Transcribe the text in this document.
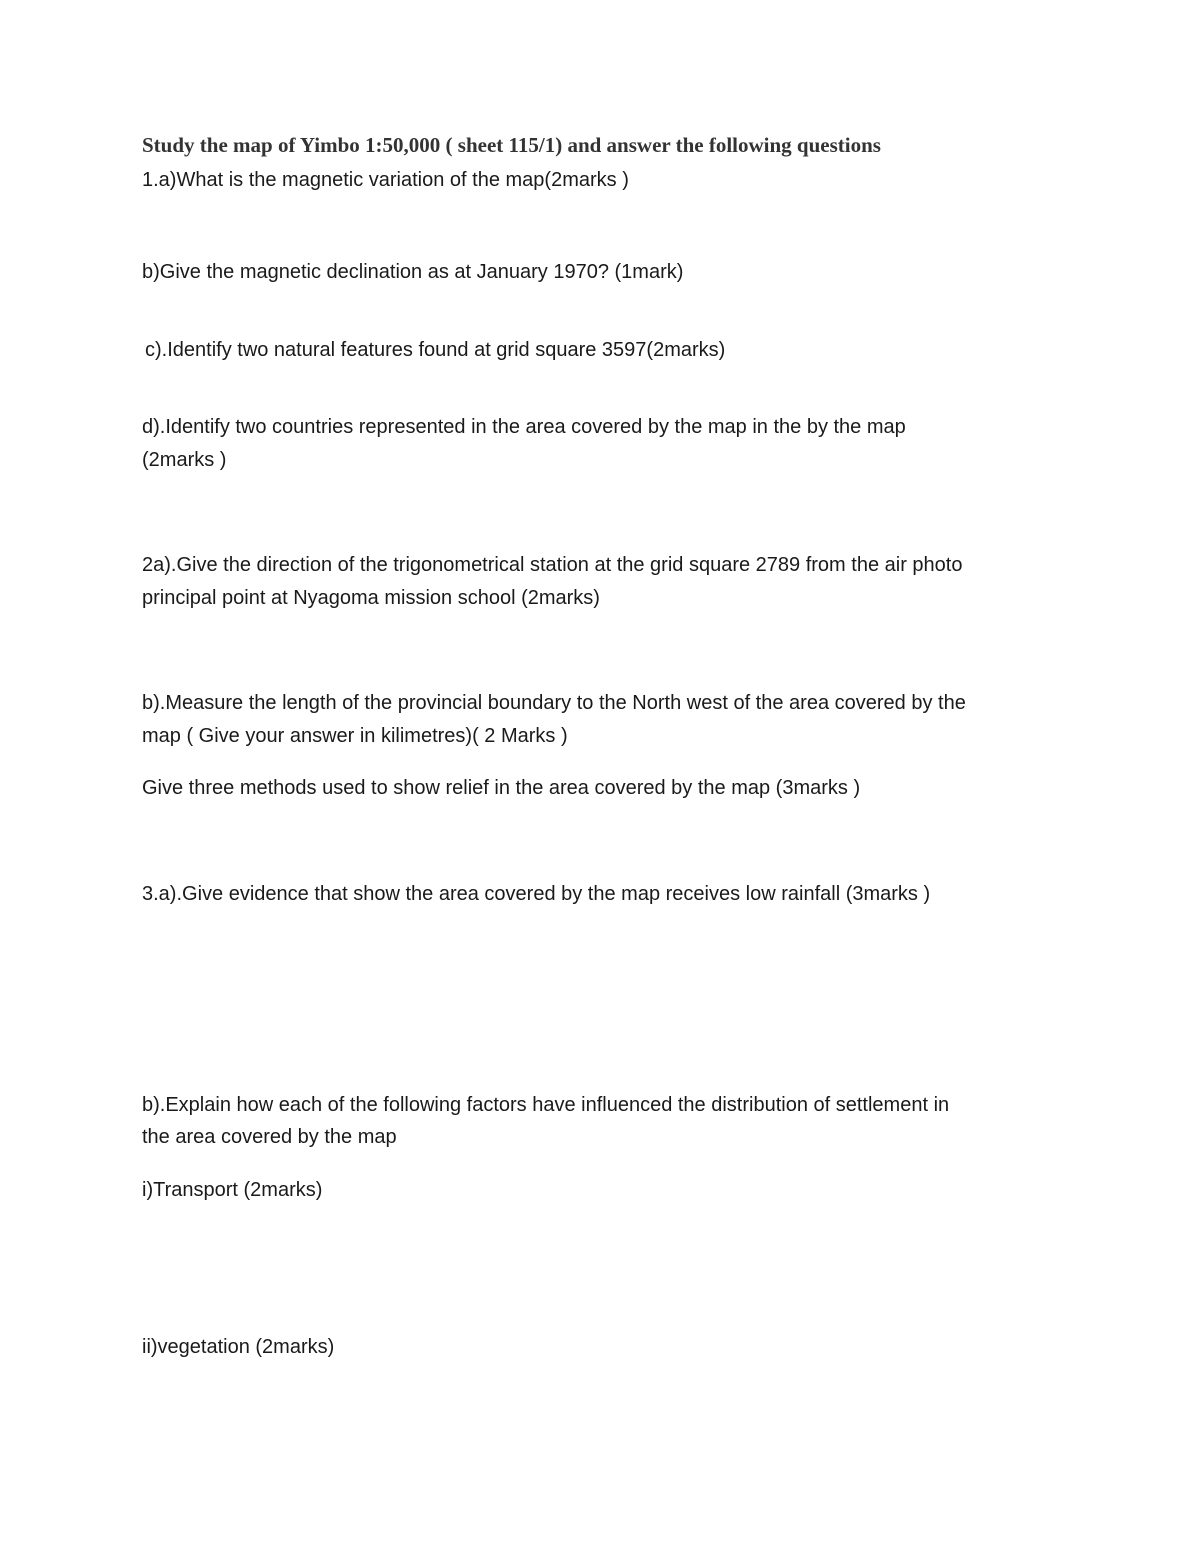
Study the map of Yimbo 1:50,000 ( sheet 115/1) and answer the following questions

1.a)What is the magnetic variation of the map(2marks )

b)Give the magnetic declination as at January 1970? (1mark)

c).Identify two natural features found at grid square 3597(2marks)

d).Identify two countries represented in the area covered by the map in the by the map

(2marks )

2a).Give the direction of the trigonometrical station at the grid square 2789 from the air photo

principal point at Nyagoma mission school (2marks)

b).Measure the length of the provincial boundary to the North west of the area covered by the

map ( Give your answer in kilimetres)( 2 Marks )

Give three methods used to show relief in the area covered by the map (3marks )

3.a).Give evidence that show the area covered by the map receives low rainfall (3marks )

b).Explain how each of the following factors have influenced the distribution of settlement in

the area covered by the map

i)Transport (2marks)

ii)vegetation (2marks)
